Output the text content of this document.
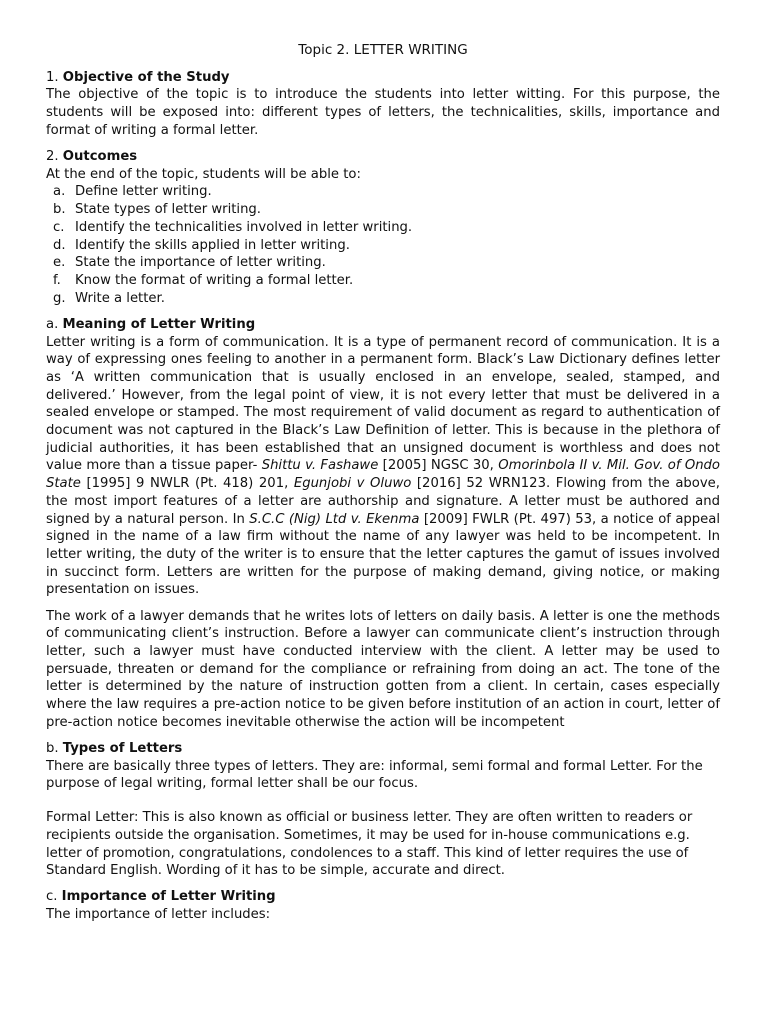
Topic 2. LETTER WRITING
1. Objective of the Study

The objective of the topic is to introduce the students into letter witting. For this purpose, the students will be exposed into: different types of letters, the technicalities, skills, importance and format of writing a formal letter.

2. Outcomes

At the end of the topic, students will be able to:

a. Define letter writing.
b. State types of letter writing.
c. Identify the technicalities involved in letter writing.
d. Identify the skills applied in letter writing.
e. State the importance of letter writing.
f. Know the format of writing a formal letter.
g. Write a letter.
a. Meaning of Letter Writing

Letter writing is a form of communication. It is a type of permanent record of communication. It is a way of expressing ones feeling to another in a permanent form. Black’s Law Dictionary defines letter as ‘A written communication that is usually enclosed in an envelope, sealed, stamped, and delivered.’ However, from the legal point of view, it is not every letter that must be delivered in a sealed envelope or stamped. The most requirement of valid document as regard to authentication of document was not captured in the Black’s Law Definition of letter. This is because in the plethora of judicial authorities, it has been established that an unsigned document is worthless and does not value more than a tissue paper- Shittu v. Fashawe [2005] NGSC 30, Omorinbola II v. Mil. Gov. of Ondo State [1995] 9 NWLR (Pt. 418) 201, Egunjobi v Oluwo [2016] 52 WRN123. Flowing from the above, the most import features of a letter are authorship and signature. A letter must be authored and signed by a natural person. In S.C.C (Nig) Ltd v. Ekenma [2009] FWLR (Pt. 497) 53, a notice of appeal signed in the name of a law firm without the name of any lawyer was held to be incompetent. In letter writing, the duty of the writer is to ensure that the letter captures the gamut of issues involved in succinct form. Letters are written for the purpose of making demand, giving notice, or making presentation on issues.

The work of a lawyer demands that he writes lots of letters on daily basis. A letter is one the methods of communicating client’s instruction. Before a lawyer can communicate client’s instruction through letter, such a lawyer must have conducted interview with the client. A letter may be used to persuade, threaten or demand for the compliance or refraining from doing an act. The tone of the letter is determined by the nature of instruction gotten from a client. In certain, cases especially where the law requires a pre-action notice to be given before institution of an action in court, letter of pre-action notice becomes inevitable otherwise the action will be incompetent

b. Types of Letters

There are basically three types of letters. They are: informal, semi formal and formal Letter. For the purpose of legal writing, formal letter shall be our focus.

Formal Letter: This is also known as official or business letter. They are often written to readers or recipients outside the organisation. Sometimes, it may be used for in-house communications e.g. letter of promotion, congratulations, condolences to a staff. This kind of letter requires the use of Standard English. Wording of it has to be simple, accurate and direct.

c. Importance of Letter Writing

The importance of letter includes:
